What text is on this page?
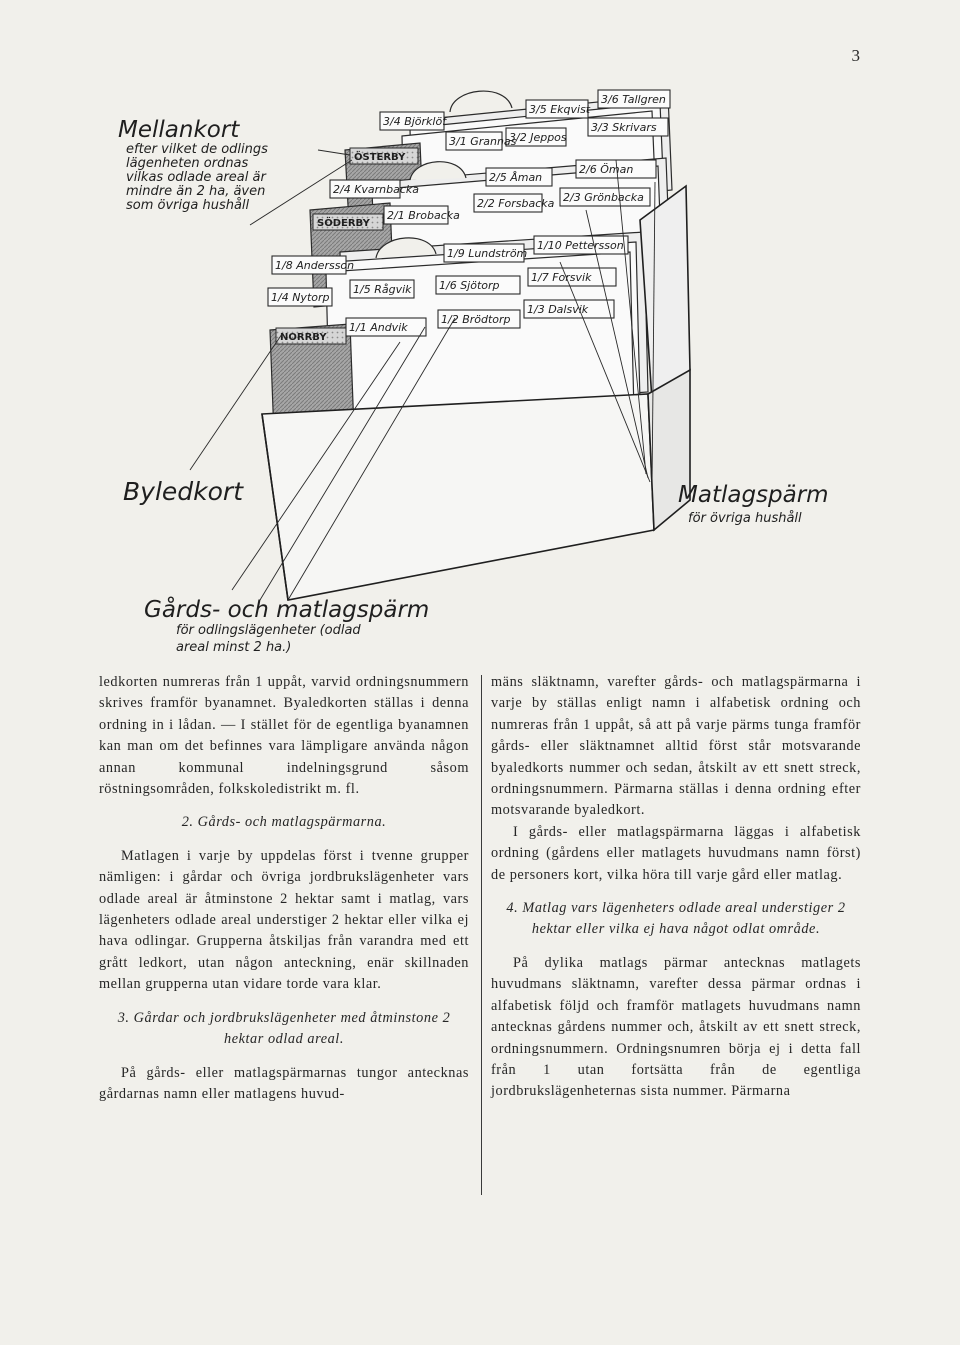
3
ÖSTERBY
SÖDERBY
NORRBY
3/4 Björklöf
3/1 Grannas
3/5 Ekqvist
3/2 Jeppos
3/6 Tallgren
3/3 Skrivars
2/4 Kvarnbacka
2/1 Brobacka
2/5 Åman
2/2 Forsbacka
2/6 Öman
2/3 Grönbacka
1/8 Andersson
1/4 Nytorp
1/5 Rågvik
1/9 Lundström
1/6 Sjötorp
1/10 Pettersson
1/7 Forsvik
1/1 Andvik
1/2 Brödtorp
1/3 Dalsvik
Mellankort
efter vilket de odlings
lägenheten ordnas
vilkas odlade areal är
mindre än 2 ha, även
som övriga hushåll
Byledkort	Matlagspärm
för övriga hushåll
Gårds- och matlagspärm
för odlingslägenheter (odlad
areal minst 2 ha.)

ledkorten numreras från 1 uppåt, varvid ordningsnummern skrives framför byanamnet. Byaledkorten ställas i denna ordning in i lådan. — I stället för de egentliga byanamnen kan man om det befinnes vara lämpligare använda någon annan kommunal indelningsgrund såsom röstningsområden, folkskoledistrikt m. fl.

2. Gårds- och matlagspärmarna.

Matlagen i varje by uppdelas först i tvenne grupper nämligen: i gårdar och övriga jordbrukslägenheter vars odlade areal är åtminstone 2 hektar samt i matlag, vars lägenheters odlade areal understiger 2 hektar eller vilka ej hava odlingar. Grupperna åtskiljas från varandra med ett grått ledkort, utan någon anteckning, enär skillnaden mellan grupperna utan vidare torde vara klar.

3. Gårdar och jordbrukslägenheter med åtminstone 2 hektar odlad areal.

På gårds- eller matlagspärmarnas tungor antecknas gårdarnas namn eller matlagens huvud-

mäns släktnamn, varefter gårds- och matlagspärmarna i varje by ställas enligt namn i alfabetisk ordning och numreras från 1 uppåt, så att på varje pärms tunga framför gårds- eller släktnamnet alltid först står motsvarande byaledkorts nummer och sedan, åtskilt av ett snett streck, ordningsnummern. Pärmarna ställas i denna ordning efter motsvarande byaledkort.

I gårds- eller matlagspärmarna läggas i alfabetisk ordning (gårdens eller matlagets huvudmans namn först) de personers kort, vilka höra till varje gård eller matlag.

4. Matlag vars lägenheters odlade areal understiger 2 hektar eller vilka ej hava något odlat område.

På dylika matlags pärmar antecknas matlagets huvudmans släktnamn, varefter dessa pärmar ordnas i alfabetisk följd och framför matlagets huvudmans namn antecknas gårdens nummer och, åtskilt av ett snett streck, ordningsnummern. Ordningsnumren börja ej i detta fall från 1 utan fortsätta från de egentliga jordbrukslägenheternas sista nummer. Pärmarna
